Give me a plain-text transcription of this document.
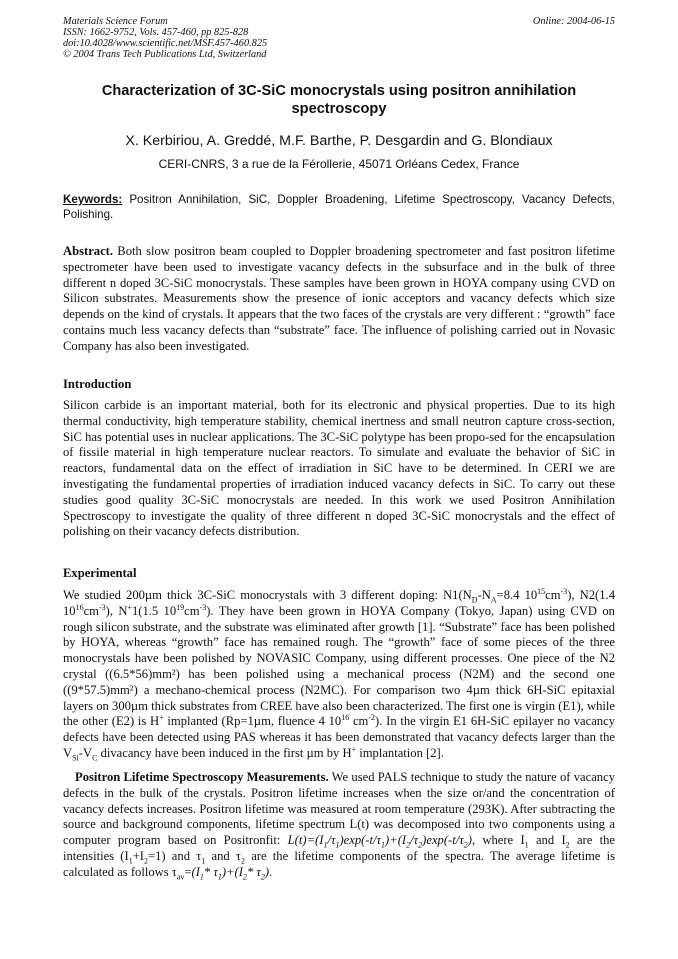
Materials Science Forum
ISSN: 1662-9752, Vols. 457-460, pp 825-828
doi:10.4028/www.scientific.net/MSF.457-460.825
© 2004 Trans Tech Publications Ltd, Switzerland
Online: 2004-06-15
Characterization of 3C-SiC monocrystals using positron annihilation
spectroscopy
X. Kerbiriou, A. Greddé, M.F. Barthe, P. Desgardin and G. Blondiaux
CERI-CNRS, 3 a rue de la Férollerie, 45071 Orléans Cedex, France
Keywords: Positron Annihilation, SiC, Doppler Broadening, Lifetime Spectroscopy, Vacancy Defects, Polishing.
Abstract. Both slow positron beam coupled to Doppler broadening spectrometer and fast positron lifetime spectrometer have been used to investigate vacancy defects in the subsurface and in the bulk of three different n doped 3C-SiC monocrystals. These samples have been grown in HOYA company using CVD on Silicon substrates. Measurements show the presence of ionic acceptors and vacancy defects which size depends on the kind of crystals. It appears that the two faces of the crystals are very different : “growth” face contains much less vacancy defects than “substrate” face. The influence of polishing carried out in Novasic Company has also been investigated.
Introduction
Silicon carbide is an important material, both for its electronic and physical properties. Due to its high thermal conductivity, high temperature stability, chemical inertness and small neutron capture cross-section, SiC has potential uses in nuclear applications. The 3C-SiC polytype has been propo-sed for the encapsulation of fissile material in high temperature nuclear reactors. To simulate and evaluate the behavior of SiC in reactors, fundamental data on the effect of irradiation in SiC have to be determined. In CERI we are investigating the fundamental properties of irradiation induced vacancy defects in SiC. To carry out these studies good quality 3C-SiC monocrystals are needed. In this work we used Positron Annihilation Spectroscopy to investigate the quality of three different n doped 3C-SiC monocrystals and the effect of polishing on their vacancy defects distribution.
Experimental
We studied 200µm thick 3C-SiC monocrystals with 3 different doping: $N1(N_D-N_A=8.4$ $10^{15}cm^{-3}$), N2(1.4 $10^{16}cm^{-3}$), N+1(1.5 $10^{19}cm^{-3}$). They have been grown in HOYA Company (Tokyo, Japan) using CVD on rough silicon substrate, and the substrate was eliminated after growth [1]. “Substrate” face has been polished by HOYA, whereas “growth” face has remained rough. The “growth” face of some pieces of the three monocrystals have been polished by NOVASIC Company, using different processes. One piece of the N2 crystal ((6.5*56)mm²) has been polished using a mechanical process (N2M) and the second one ((9*57.5)mm²) a mechano-chemical process (N2MC). For comparison two 4µm thick 6H-SiC epitaxial layers on 300µm thick substrates from CREE have also been characterized. The first one is virgin (E1), while the other (E2) is H+ implanted (Rp=1µm, fluence 4 $10^{16}$ $cm^{-2}$). In the virgin E1 6H-SiC epilayer no vacancy defects have been detected using PAS whereas it has been demonstrated that vacancy defects larger than the $V_{Si}-V_C$ divacancy have been induced in the first µm by H+ implantation [2].
Positron Lifetime Spectroscopy Measurements. We used PALS technique to study the nature of vacancy defects in the bulk of the crystals. Positron lifetime increases when the size or/and the concentration of vacancy defects increases. Positron lifetime was measured at room temperature (293K). After subtracting the source and background components, lifetime spectrum L(t) was decomposed into two components using a computer program based on Positronfit: $L(t)=(I_1/\tau_1)\exp(-t/\tau_1)+(I_2/\tau_2)\exp(-t/\tau_2)$, where $I_1$ and $I_2$ are the intensities $(I_1+I_2=1)$ and $\tau_1$ and $\tau_2$ are the lifetime components of the spectra. The average lifetime is calculated as follows $\tau_{av}=(I_1*$ $\tau_1)+(I_2*$ $\tau_2$).
